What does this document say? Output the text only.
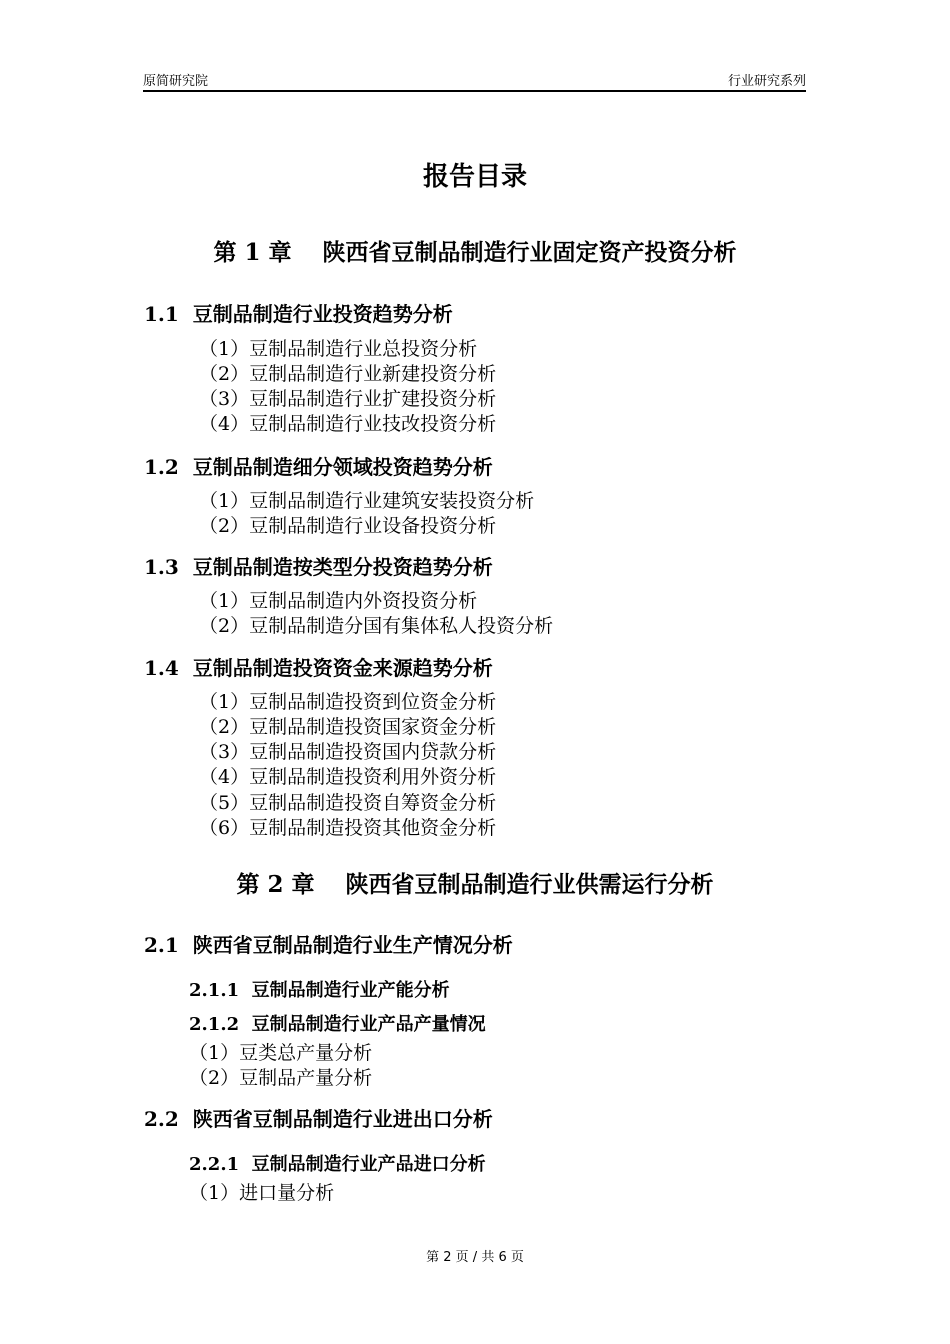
原简研究院	行业研究系列
报告目录
第 1 章　 陕西省豆制品制造行业固定资产投资分析
1.1  豆制品制造行业投资趋势分析
（1）豆制品制造行业总投资分析
（2）豆制品制造行业新建投资分析
（3）豆制品制造行业扩建投资分析
（4）豆制品制造行业技改投资分析
1.2  豆制品制造细分领域投资趋势分析
（1）豆制品制造行业建筑安装投资分析
（2）豆制品制造行业设备投资分析
1.3  豆制品制造按类型分投资趋势分析
（1）豆制品制造内外资投资分析
（2）豆制品制造分国有集体私人投资分析
1.4  豆制品制造投资资金来源趋势分析
（1）豆制品制造投资到位资金分析
（2）豆制品制造投资国家资金分析
（3）豆制品制造投资国内贷款分析
（4）豆制品制造投资利用外资分析
（5）豆制品制造投资自筹资金分析
（6）豆制品制造投资其他资金分析
第 2 章　 陕西省豆制品制造行业供需运行分析
2.1  陕西省豆制品制造行业生产情况分析
2.1.1  豆制品制造行业产能分析
2.1.2  豆制品制造行业产品产量情况
（1）豆类总产量分析
（2）豆制品产量分析
2.2  陕西省豆制品制造行业进出口分析
2.2.1  豆制品制造行业产品进口分析
（1）进口量分析
第 2 页 / 共 6 页
